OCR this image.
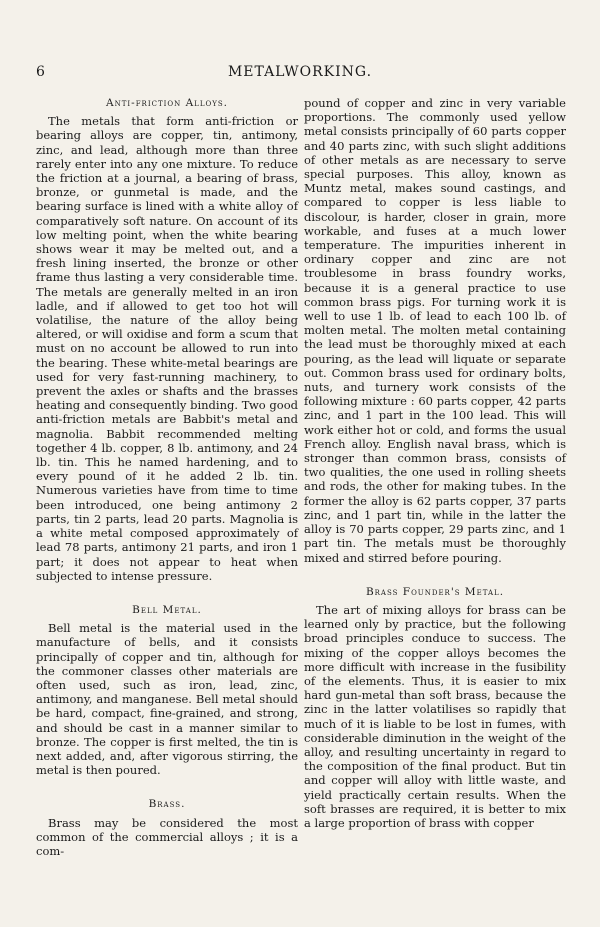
6	METALWORKING.
Anti-friction Alloys.

The metals that form anti-friction or bearing alloys are copper, tin, antimony, zinc, and lead, although more than three rarely enter into any one mixture. To reduce the friction at a journal, a bearing of brass, bronze, or gunmetal is made, and the bearing surface is lined with a white alloy of comparatively soft nature. On account of its low melting point, when the white bearing shows wear it may be melted out, and a fresh lining inserted, the bronze or other frame thus lasting a very considerable time. The metals are generally melted in an iron ladle, and if allowed to get too hot will volatilise, the nature of the alloy being altered, or will oxidise and form a scum that must on no account be allowed to run into the bearing. These white-metal bearings are used for very fast-running machinery, to prevent the axles or shafts and the brasses heating and consequently binding. Two good anti-friction metals are Babbit's metal and magnolia. Babbit recommended melting together 4 lb. copper, 8 lb. antimony, and 24 lb. tin. This he named hardening, and to every pound of it he added 2 lb. tin. Numerous varieties have from time to time been introduced, one being antimony 2 parts, tin 2 parts, lead 20 parts. Magnolia is a white metal composed approximately of lead 78 parts, antimony 21 parts, and iron 1 part; it does not appear to heat when subjected to intense pressure.

Bell Metal.

Bell metal is the material used in the manufacture of bells, and it consists principally of copper and tin, although for the commoner classes other materials are often used, such as iron, lead, zinc, antimony, and manganese. Bell metal should be hard, compact, fine-grained, and strong, and should be cast in a manner similar to bronze. The copper is first melted, the tin is next added, and, after vigorous stirring, the metal is then poured.

Brass.

Brass may be considered the most common of the commercial alloys ; it is a com-

pound of copper and zinc in very variable proportions. The commonly used yellow metal consists principally of 60 parts copper and 40 parts zinc, with such slight additions of other metals as are necessary to serve special purposes. This alloy, known as Muntz metal, makes sound castings, and compared to copper is less liable to discolour, is harder, closer in grain, more workable, and fuses at a much lower temperature. The impurities inherent in ordinary copper and zinc are not troublesome in brass foundry works, because it is a general practice to use common brass pigs. For turning work it is well to use 1 lb. of lead to each 100 lb. of molten metal. The molten metal containing the lead must be thoroughly mixed at each pouring, as the lead will liquate or separate out. Common brass used for ordinary bolts, nuts, and turnery work consists of the following mixture : 60 parts copper, 42 parts zinc, and 1 part in the 100 lead. This will work either hot or cold, and forms the usual French alloy. English naval brass, which is stronger than common brass, consists of two qualities, the one used in rolling sheets and rods, the other for making tubes. In the former the alloy is 62 parts copper, 37 parts zinc, and 1 part tin, while in the latter the alloy is 70 parts copper, 29 parts zinc, and 1 part tin. The metals must be thoroughly mixed and stirred before pouring.

Brass Founder's Metal.

The art of mixing alloys for brass can be learned only by practice, but the following broad principles conduce to success. The mixing of the copper alloys becomes the more difficult with increase in the fusibility of the elements. Thus, it is easier to mix hard gun-metal than soft brass, because the zinc in the latter volatilises so rapidly that much of it is liable to be lost in fumes, with considerable diminution in the weight of the alloy, and resulting uncertainty in regard to the composition of the final product. But tin and copper will alloy with little waste, and yield practically certain results. When the soft brasses are required, it is better to mix a large proportion of brass with copper
